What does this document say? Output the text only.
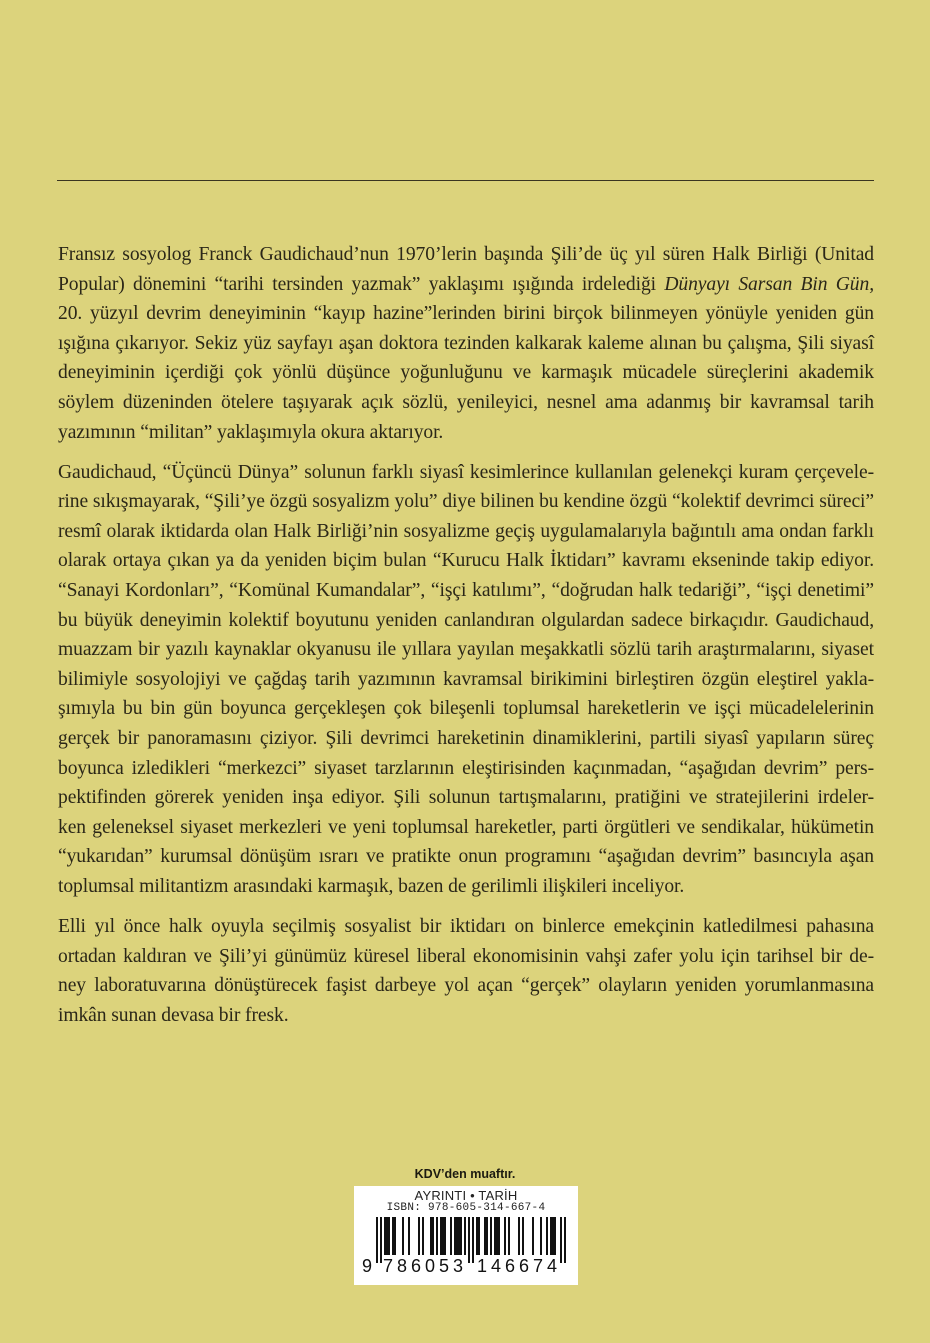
Fransız sosyolog Franck Gaudichaud’nun 1970’lerin başında Şili’de üç yıl süren Halk Birliği (Unitad
Popular) dönemini “tarihi tersinden yazmak” yaklaşımı ışığında irdelediği Dünyayı Sarsan Bin Gün,
20. yüzyıl devrim deneyiminin “kayıp hazine”lerinden birini birçok bilinmeyen yönüyle yeniden gün
ışığına çıkarıyor. Sekiz yüz sayfayı aşan doktora tezinden kalkarak kaleme alınan bu çalışma, Şili siyasî
deneyiminin içerdiği çok yönlü düşünce yoğunluğunu ve karmaşık mücadele süreçlerini akademik
söylem düzeninden ötelere taşıyarak açık sözlü, yenileyici, nesnel ama adanmış bir kavramsal tarih
yazımının “militan” yaklaşımıyla okura aktarıyor.

Gaudichaud, “Üçüncü Dünya” solunun farklı siyasî kesimlerince kullanılan gelenekçi kuram çerçevele-
rine sıkışmayarak, “Şili’ye özgü sosyalizm yolu” diye bilinen bu kendine özgü “kolektif devrimci süreci”
resmî olarak iktidarda olan Halk Birliği’nin sosyalizme geçiş uygulamalarıyla bağıntılı ama ondan farklı
olarak ortaya çıkan ya da yeniden biçim bulan “Kurucu Halk İktidarı” kavramı ekseninde takip ediyor.
“Sanayi Kordonları”, “Komünal Kumandalar”, “işçi katılımı”, “doğrudan halk tedariği”, “işçi denetimi”
bu büyük deneyimin kolektif boyutunu yeniden canlandıran olgulardan sadece birkaçıdır. Gaudichaud,
muazzam bir yazılı kaynaklar okyanusu ile yıllara yayılan meşakkatli sözlü tarih araştırmalarını, siyaset
bilimiyle sosyolojiyi ve çağdaş tarih yazımının kavramsal birikimini birleştiren özgün eleştirel yakla-
şımıyla bu bin gün boyunca gerçekleşen çok bileşenli toplumsal hareketlerin ve işçi mücadelelerinin
gerçek bir panoramasını çiziyor. Şili devrimci hareketinin dinamiklerini, partili siyasî yapıların süreç
boyunca izledikleri “merkezci” siyaset tarzlarının eleştirisinden kaçınmadan, “aşağıdan devrim” pers-
pektifinden görerek yeniden inşa ediyor. Şili solunun tartışmalarını, pratiğini ve stratejilerini irdeler-
ken geleneksel siyaset merkezleri ve yeni toplumsal hareketler, parti örgütleri ve sendikalar, hükümetin
“yukarıdan” kurumsal dönüşüm ısrarı ve pratikte onun programını “aşağıdan devrim” basıncıyla aşan
toplumsal militantizm arasındaki karmaşık, bazen de gerilimli ilişkileri inceliyor.

Elli yıl önce halk oyuyla seçilmiş sosyalist bir iktidarı on binlerce emekçinin katledilmesi pahasına
ortadan kaldıran ve Şili’yi günümüz küresel liberal ekonomisinin vahşi zafer yolu için tarihsel bir de-
ney laboratuvarına dönüştürecek faşist darbeye yol açan “gerçek” olayların yeniden yorumlanmasına
imkân sunan devasa bir fresk.

KDV’den muaftır.
AYRINTI • TARİH
ISBN: 978-605-314-667-4
9 7 8 6 0 5 3 1 4 6 6 7 4
